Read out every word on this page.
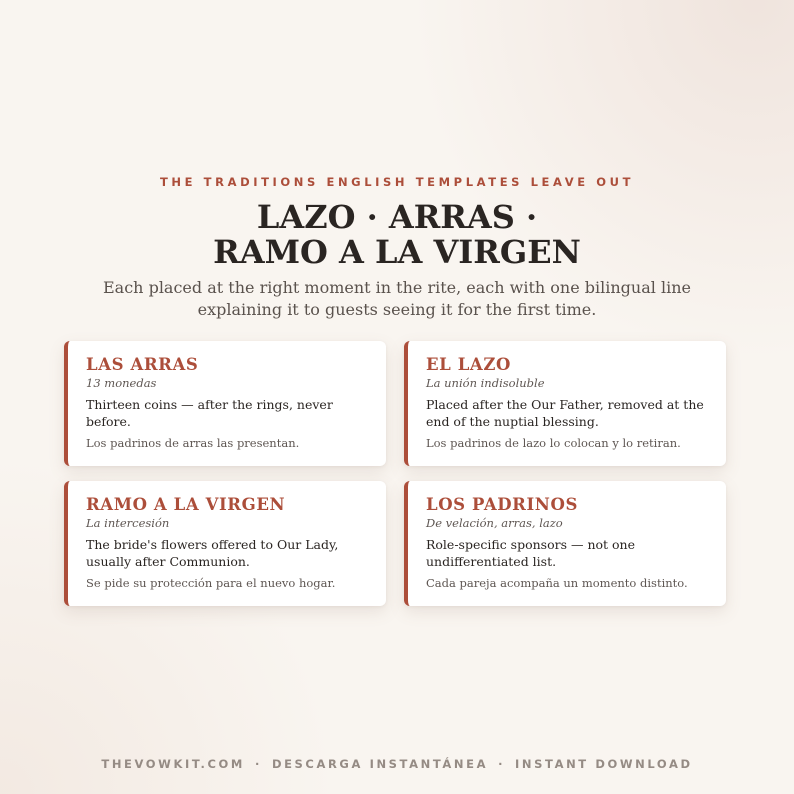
THE TRADITIONS ENGLISH TEMPLATES LEAVE OUT
LAZO · ARRAS ·
RAMO A LA VIRGEN

Each placed at the right moment in the rite, each with one bilingual line explaining it to guests seeing it for the first time.

LAS ARRAS
13 monedas
Thirteen coins — after the rings, never before.
Los padrinos de arras las presentan.
EL LAZO
La unión indisoluble
Placed after the Our Father, removed at the end of the nuptial blessing.
Los padrinos de lazo lo colocan y lo retiran.
RAMO A LA VIRGEN
La intercesión
The bride's flowers offered to Our Lady, usually after Communion.
Se pide su protección para el nuevo hogar.
LOS PADRINOS
De velación, arras, lazo
Role-specific sponsors — not one undifferentiated list.
Cada pareja acompaña un momento distinto.
THEVOWKIT.COM · DESCARGA INSTANTÁNEA · INSTANT DOWNLOAD
